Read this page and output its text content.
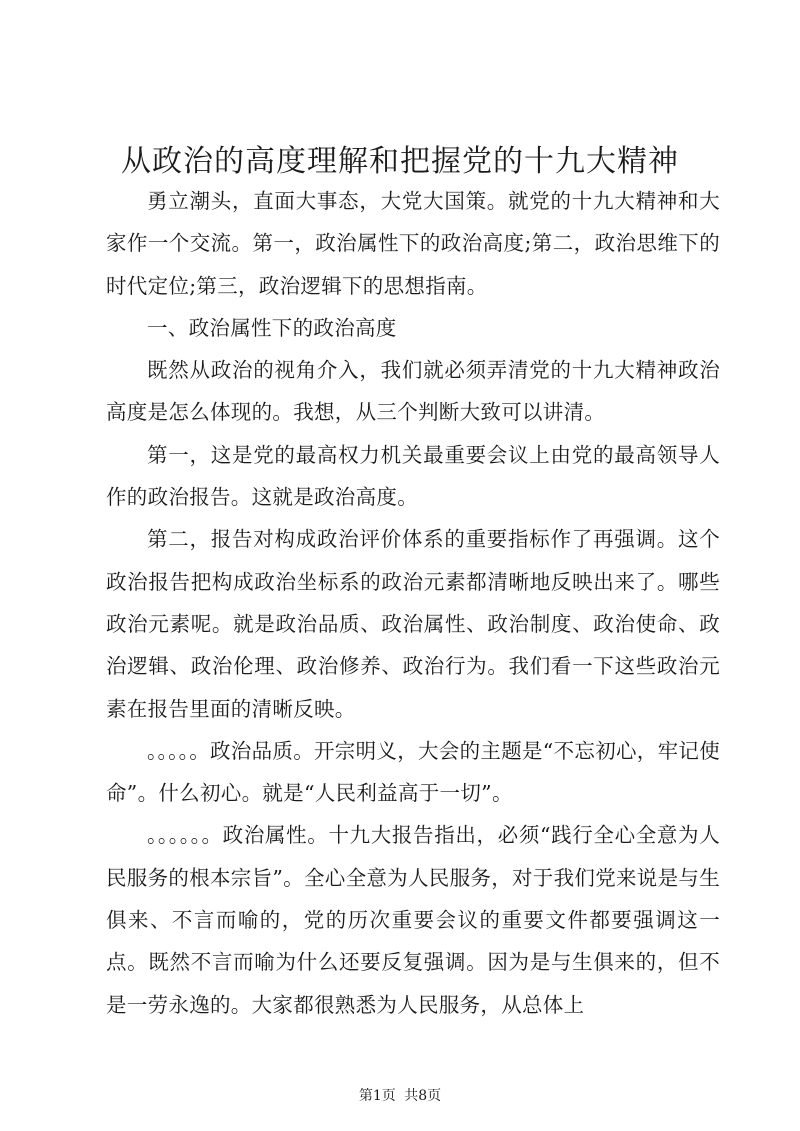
从政治的高度理解和把握党的十九大精神

勇立潮头，直面大事态，大党大国策。就党的十九大精神和大家作一个交流。第一，政治属性下的政治高度;第二，政治思维下的时代定位;第三，政治逻辑下的思想指南。

一、政治属性下的政治高度

既然从政治的视角介入，我们就必须弄清党的十九大精神政治高度是怎么体现的。我想，从三个判断大致可以讲清。

第一，这是党的最高权力机关最重要会议上由党的最高领导人作的政治报告。这就是政治高度。

第二，报告对构成政治评价体系的重要指标作了再强调。这个政治报告把构成政治坐标系的政治元素都清晰地反映出来了。哪些政治元素呢。就是政治品质、政治属性、政治制度、政治使命、政治逻辑、政治伦理、政治修养、政治行为。我们看一下这些政治元素在报告里面的清晰反映。

。。。。。政治品质。开宗明义，大会的主题是“不忘初心，牢记使命”。什么初心。就是“人民利益高于一切”。

。。。。。。政治属性。十九大报告指出，必须“践行全心全意为人民服务的根本宗旨”。全心全意为人民服务，对于我们党来说是与生俱来、不言而喻的，党的历次重要会议的重要文件都要强调这一点。既然不言而喻为什么还要反复强调。因为是与生俱来的，但不是一劳永逸的。大家都很熟悉为人民服务，从总体上

第1页 共8页
